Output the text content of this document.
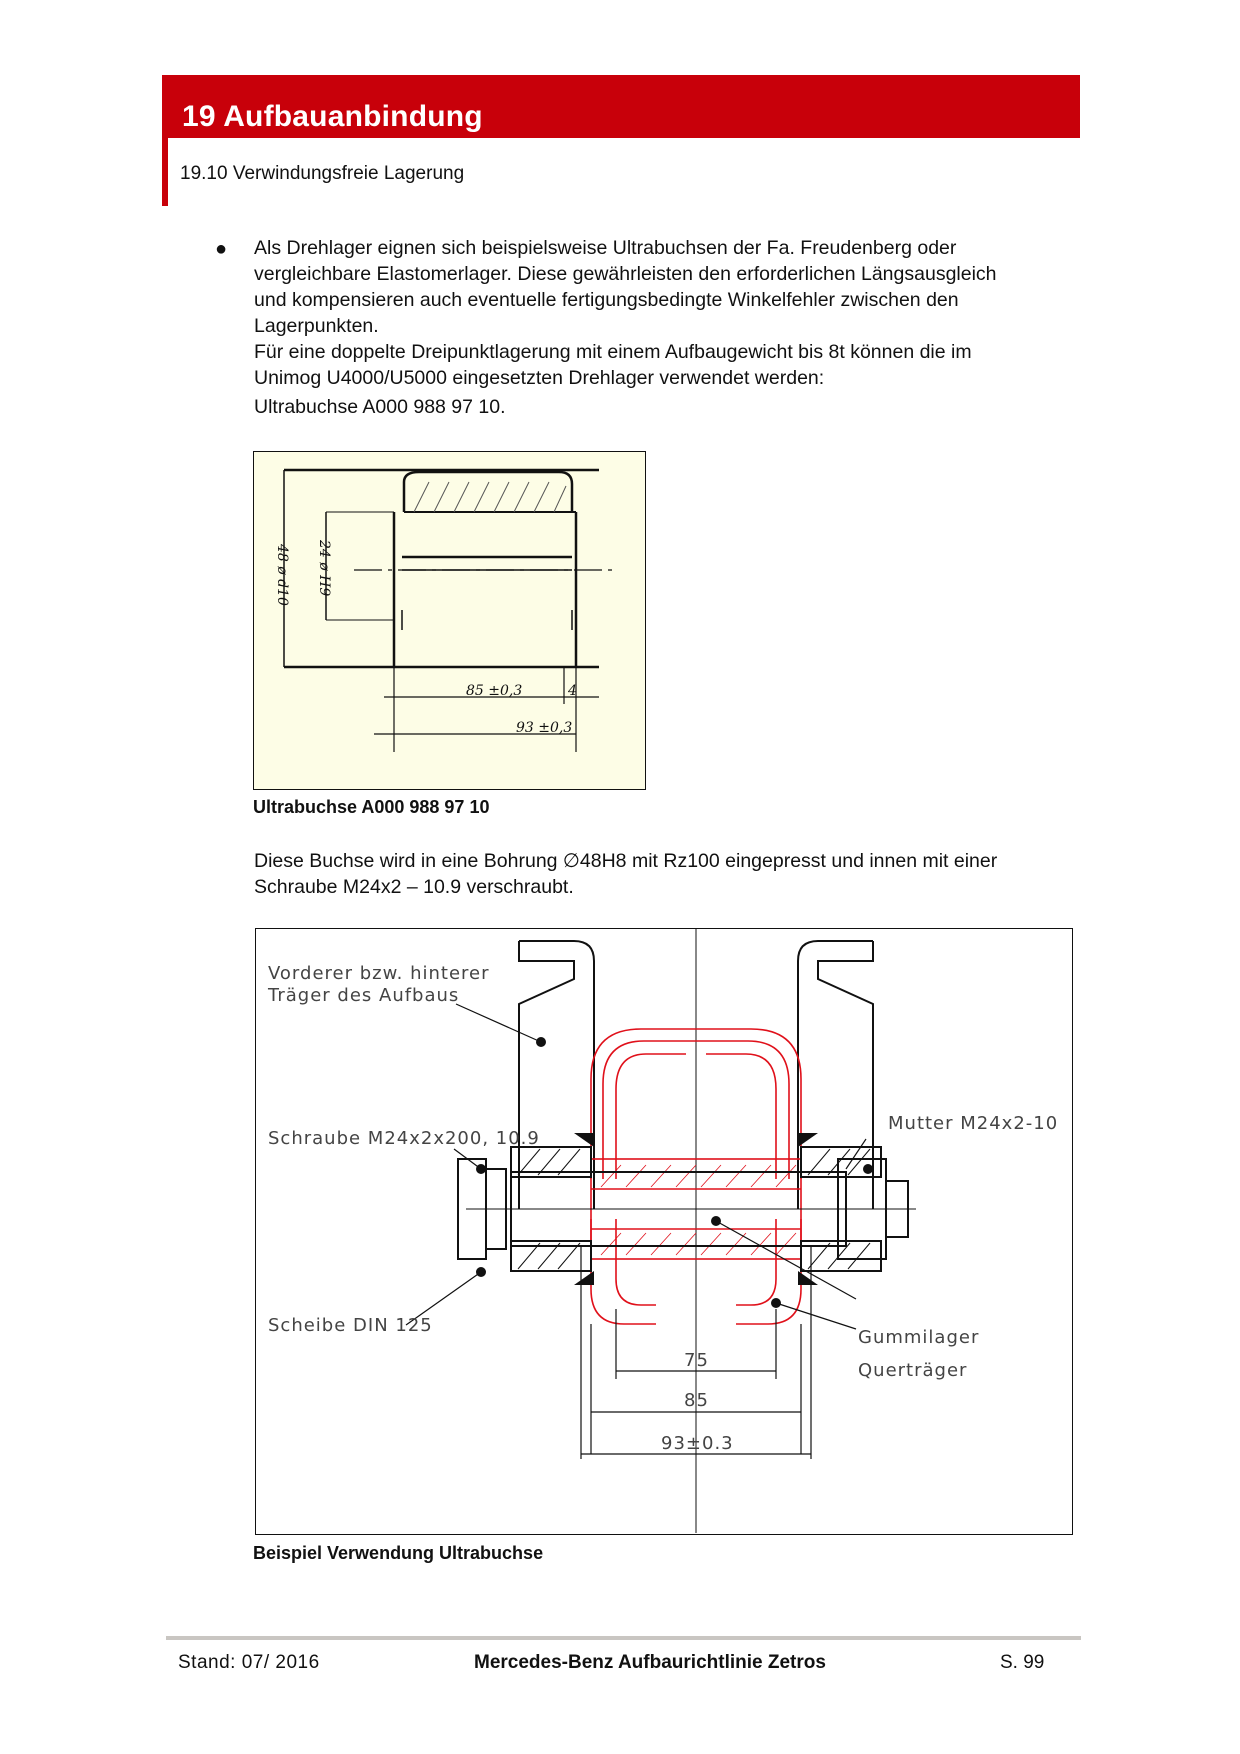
19 Aufbauanbindung
19.10 Verwindungsfreie Lagerung
● Als Drehlager eignen sich beispielsweise Ultrabuchsen der Fa. Freudenberg oder

vergleichbare Elastomerlager. Diese gewährleisten den erforderlichen Längsausgleich

und kompensieren auch eventuelle fertigungsbedingte Winkelfehler zwischen den

Lagerpunkten.

Für eine doppelte Dreipunktlagerung mit einem Aufbaugewicht bis 8t können die im

Unimog U4000/U5000 eingesetzten Drehlager verwendet werden:

Ultrabuchse A000 988 97 10.

48 ø d10 24 ø H9
85 ±0,3	4
93 ±0,3
Ultrabuchse A000 988 97 10

Diese Buchse wird in eine Bohrung ∅48H8 mit Rz100 eingepresst und innen mit einer

Schraube M24x2 – 10.9 verschraubt.

Vorderer bzw. hinterer
Träger des Aufbaus
Schraube M24x2x200, 10.9
Mutter M24x2-10
Scheibe DIN 125
Gummilager
Querträger
75
85
93±0.3
Beispiel Verwendung Ultrabuchse
Stand: 07/ 2016	Mercedes-Benz Aufbaurichtlinie Zetros	S. 99
